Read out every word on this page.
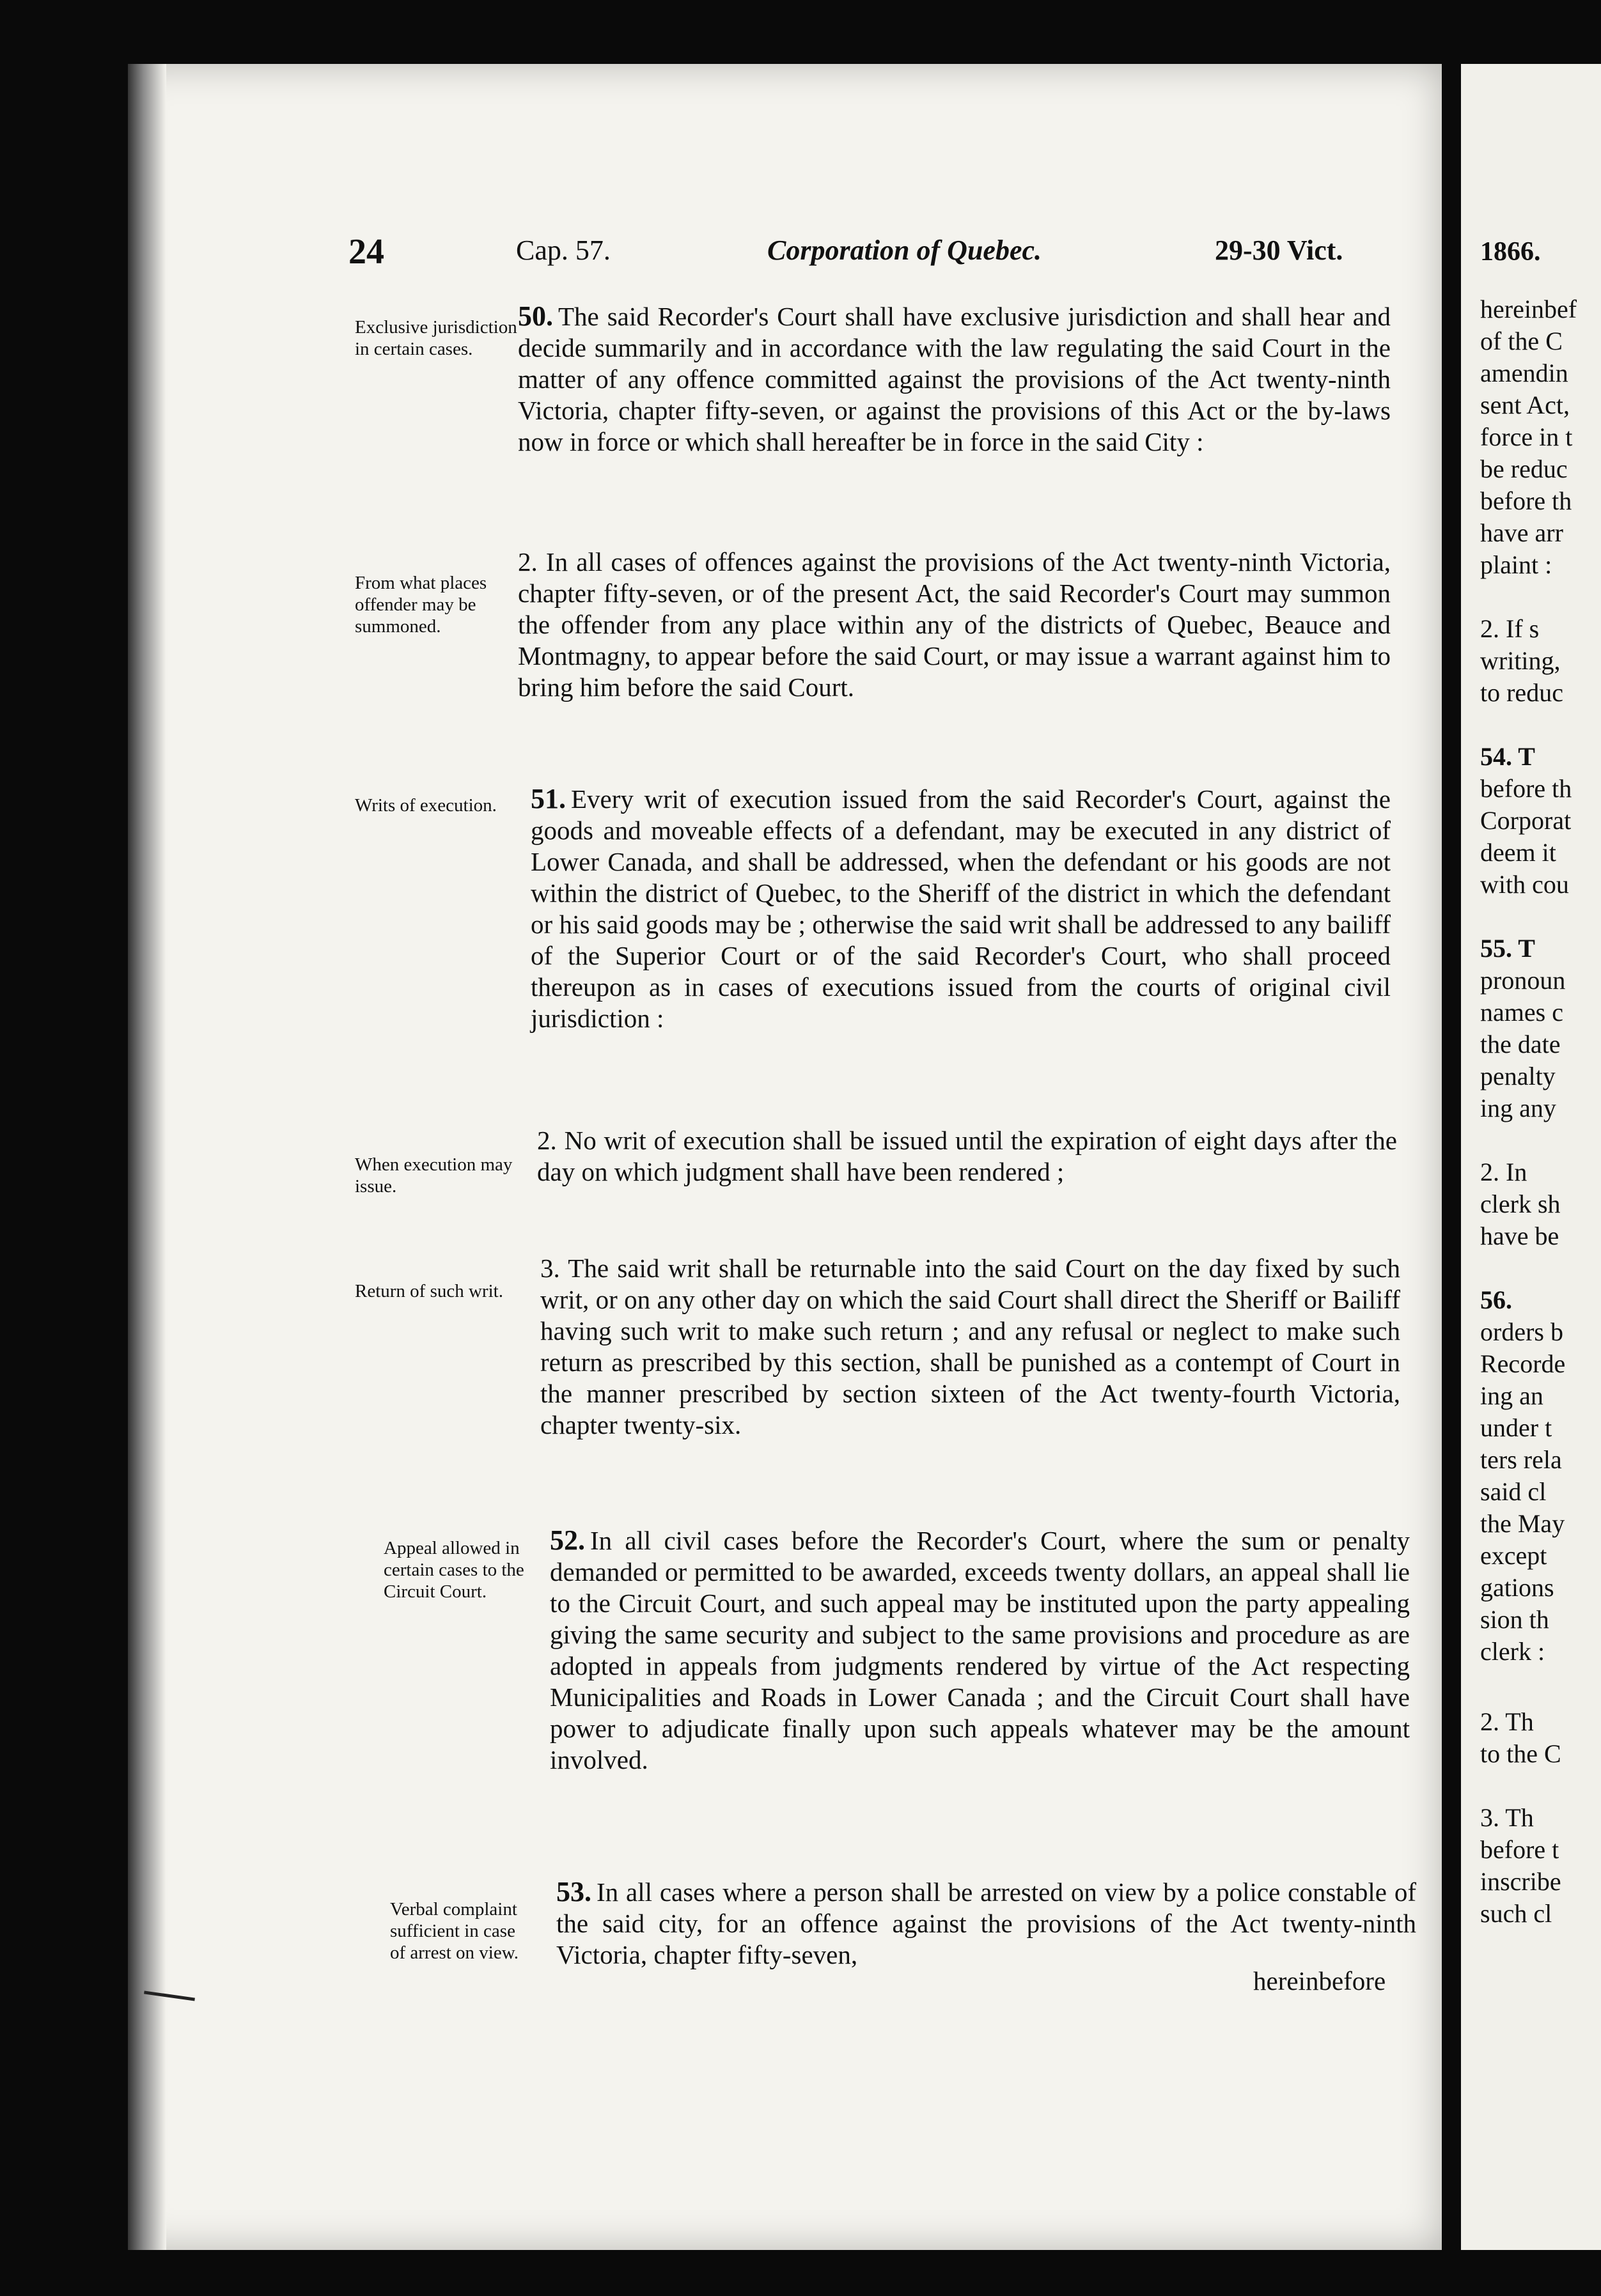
24	Cap. 57.	Corporation of Quebec.	29-30 Vict.
Exclusive jurisdiction in certain cases.
From what places offender may be summoned.
Writs of execution.
When execution may issue.
Return of such writ.
Appeal allowed in certain cases to the Circuit Court.
Verbal complaint sufficient in case of arrest on view.
50. The said Recorder's Court shall have exclusive jurisdiction and shall hear and decide summarily and in accordance with the law regulating the said Court in the matter of any offence committed against the provisions of the Act twenty-ninth Victoria, chapter fifty-seven, or against the provisions of this Act or the by-laws now in force or which shall hereafter be in force in the said City :
2. In all cases of offences against the provisions of the Act twenty-ninth Victoria, chapter fifty-seven, or of the present Act, the said Recorder's Court may summon the offender from any place within any of the districts of Quebec, Beauce and Montmagny, to appear before the said Court, or may issue a warrant against him to bring him before the said Court.
51. Every writ of execution issued from the said Recorder's Court, against the goods and moveable effects of a defendant, may be executed in any district of Lower Canada, and shall be addressed, when the defendant or his goods are not within the district of Quebec, to the Sheriff of the district in which the defendant or his said goods may be ; otherwise the said writ shall be addressed to any bailiff of the Superior Court or of the said Recorder's Court, who shall proceed thereupon as in cases of executions issued from the courts of original civil jurisdiction :
2. No writ of execution shall be issued until the expiration of eight days after the day on which judgment shall have been rendered ;
3. The said writ shall be returnable into the said Court on the day fixed by such writ, or on any other day on which the said Court shall direct the Sheriff or Bailiff having such writ to make such return ; and any refusal or neglect to make such return as prescribed by this section, shall be punished as a contempt of Court in the manner prescribed by section sixteen of the Act twenty-fourth Victoria, chapter twenty-six.
52. In all civil cases before the Recorder's Court, where the sum or penalty demanded or permitted to be awarded, exceeds twenty dollars, an appeal shall lie to the Circuit Court, and such appeal may be instituted upon the party appealing giving the same security and subject to the same provisions and procedure as are adopted in appeals from judgments rendered by virtue of the Act respecting Municipalities and Roads in Lower Canada ; and the Circuit Court shall have power to adjudicate finally upon such appeals whatever may be the amount involved.
53. In all cases where a person shall be arrested on view by a police constable of the said city, for an offence against the provisions of the Act twenty-ninth Victoria, chapter fifty-seven,
hereinbefore
1866.
hereinbef
of the C
amendin
sent Act,
force in t
be reduc
before th
have arr
plaint :
2. If s
writing,
to reduc
54. T
before th
Corporat
deem it
with cou
55. T
pronoun
names c
the date
penalty
ing any
2. In
clerk sh
have be
56.
orders b
Recorde
ing an
under t
ters rela
said cl
the May
except
gations
sion th
clerk :
2. Th
to the C
3. Th
before t
inscribe
such cl
